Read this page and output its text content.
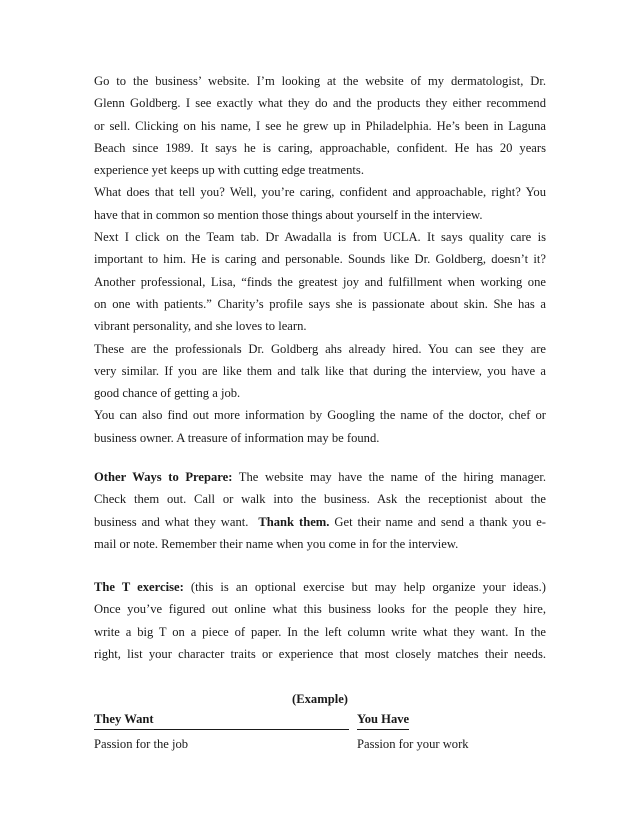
Go to the business’ website. I’m looking at the website of my dermatologist, Dr.
Glenn Goldberg. I see exactly what they do and the products they either recommend
or sell. Clicking on his name, I see he grew up in Philadelphia. He’s been in Laguna
Beach since 1989. It says he is caring, approachable, confident. He has 20 years
experience yet keeps up with cutting edge treatments.
What does that tell you? Well, you’re caring, confident and approachable, right? You
have that in common so mention those things about yourself in the interview.
Next I click on the Team tab. Dr Awadalla is from UCLA. It says quality care is
important to him. He is caring and personable. Sounds like Dr. Goldberg, doesn’t it?
Another professional, Lisa, “finds the greatest joy and fulfillment when working one
on one with patients.” Charity’s profile says she is passionate about skin. She has a
vibrant personality, and she loves to learn.
These are the professionals Dr. Goldberg ahs already hired. You can see they are
very similar. If you are like them and talk like that during the interview, you have a
good chance of getting a job.
You can also find out more information by Googling the name of the doctor, chef or
business owner. A treasure of information may be found.
Other Ways to Prepare: The website may have the name of the hiring manager.
Check them out. Call or walk into the business. Ask the receptionist about the
business and what they want.  Thank them. Get their name and send a thank you e-
mail or note. Remember their name when you come in for the interview.
The T exercise: (this is an optional exercise but may help organize your ideas.)
Once you’ve figured out online what this business looks for the people they hire,
write a big T on a piece of paper. In the left column write what they want. In the
right, list your character traits or experience that most closely matches their needs.
(Example)
They Want	You Have
Passion for the job	Passion for your work
